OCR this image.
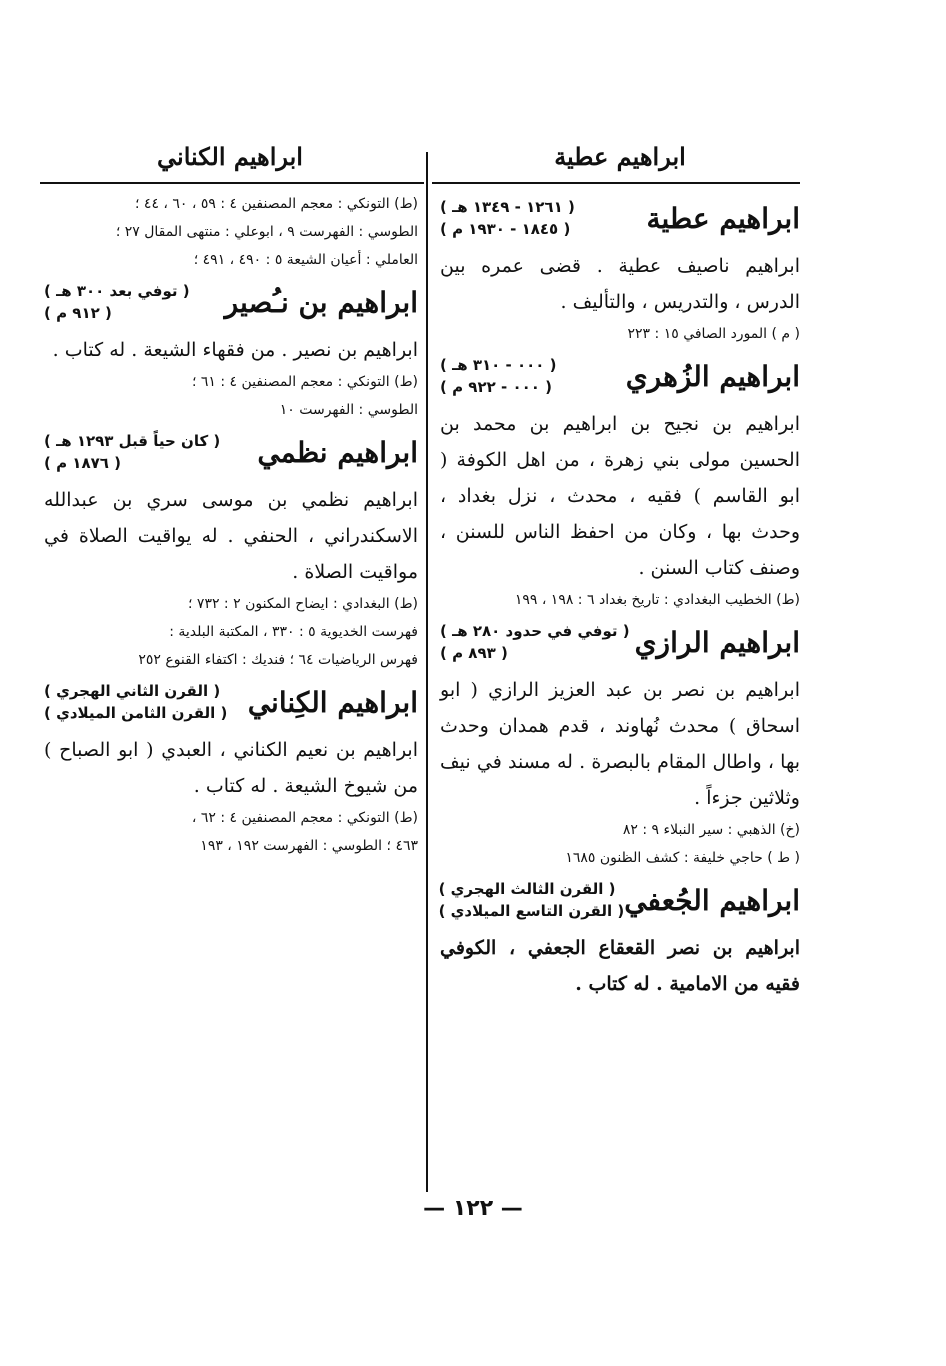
ابراهيم عطية
ابراهيم الكناني
ابراهيم عطية
( ١٢٦١ - ١٣٤٩ هـ )
( ١٨٤٥ - ١٩٣٠ م )
ابراهيم ناصيف عطية . قضى عمره بين الدرس ، والتدريس ، والتأليف .
( م ) المورد الصافي ١٥ : ٢٢٣
ابراهيم الزُهري
( ٠٠٠ - ٣١٠ هـ )
( ٠٠٠ - ٩٢٢ م )
ابراهيم بن نجيح بن ابراهيم بن محمد بن الحسين مولى بني زهرة ، من اهل الكوفة ( ابو القاسم ) فقيه ، محدث ، نزل بغداد ، وحدث بها ، وكان من احفظ الناس للسنن ، وصنف كتاب السنن .
(ط) الخطيب البغدادي : تاريخ بغداد ٦ : ١٩٨ ، ١٩٩
ابراهيم الرازي
( توفي في حدود ٢٨٠ هـ )
( ٨٩٣ م )
ابراهيم بن نصر بن عبد العزيز الرازي ( ابو اسحاق ) محدث نُهاوند ، قدم همدان وحدث بها ، واطال المقام بالبصرة . له مسند في نيف وثلاثين جزءاً .
(خ) الذهبي : سير النبلاء ٩ : ٨٢
( ط ) حاجي خليفة : كشف الظنون ١٦٨٥
ابراهيم الجُعفي
( القرن الثالث الهجري )
( القرن التاسع الميلادي )
ابراهيم بن نصر القعقاع الجعفي ، الكوفي فقيه من الامامية . له كتاب .
(ط) التونكي : معجم المصنفين ٤ : ٥٩ ، ٦٠ ، ٤٤ ؛
الطوسي : الفهرست ٩ ، ابوعلي : منتهى المقال ٢٧ ؛
العاملي : أعيان الشيعة ٥ : ٤٩٠ ، ٤٩١ ؛
ابراهيم بن نـُصير
( توفي بعد ٣٠٠ هـ )
( ٩١٢ م )
ابراهيم بن نصير . من فقهاء الشيعة . له كتاب .
(ط) التونكي : معجم المصنفين ٤ : ٦١ ؛
الطوسي : الفهرست ١٠
ابراهيم نظمي
( كان حياً قبل ١٢٩٣ هـ )
( ١٨٧٦ م )
ابراهيم نظمي بن موسى سري بن عبدالله الاسكندراني ، الحنفي . له يواقيت الصلاة في مواقيت الصلاة .
(ط) البغدادي : ايضاح المكنون ٢ : ٧٣٢ ؛
فهرست الخديوية ٥ : ٣٣٠ ، المكتبة البلدية :
فهرس الرياضيات ٦٤ ؛ فنديك : اكتفاء القنوع ٢٥٢
ابراهيم الكِناني
( القرن الثاني الهجري )
( القرن الثامن الميلادي )
ابراهيم بن نعيم الكناني ، العبدي ( ابو الصباح ) من شيوخ الشيعة . له كتاب .
(ط) التونكي : معجم المصنفين ٤ : ٦٢ ،
٤٦٣ ؛ الطوسي : الفهرست ١٩٢ ، ١٩٣
— ١٢٢ —
